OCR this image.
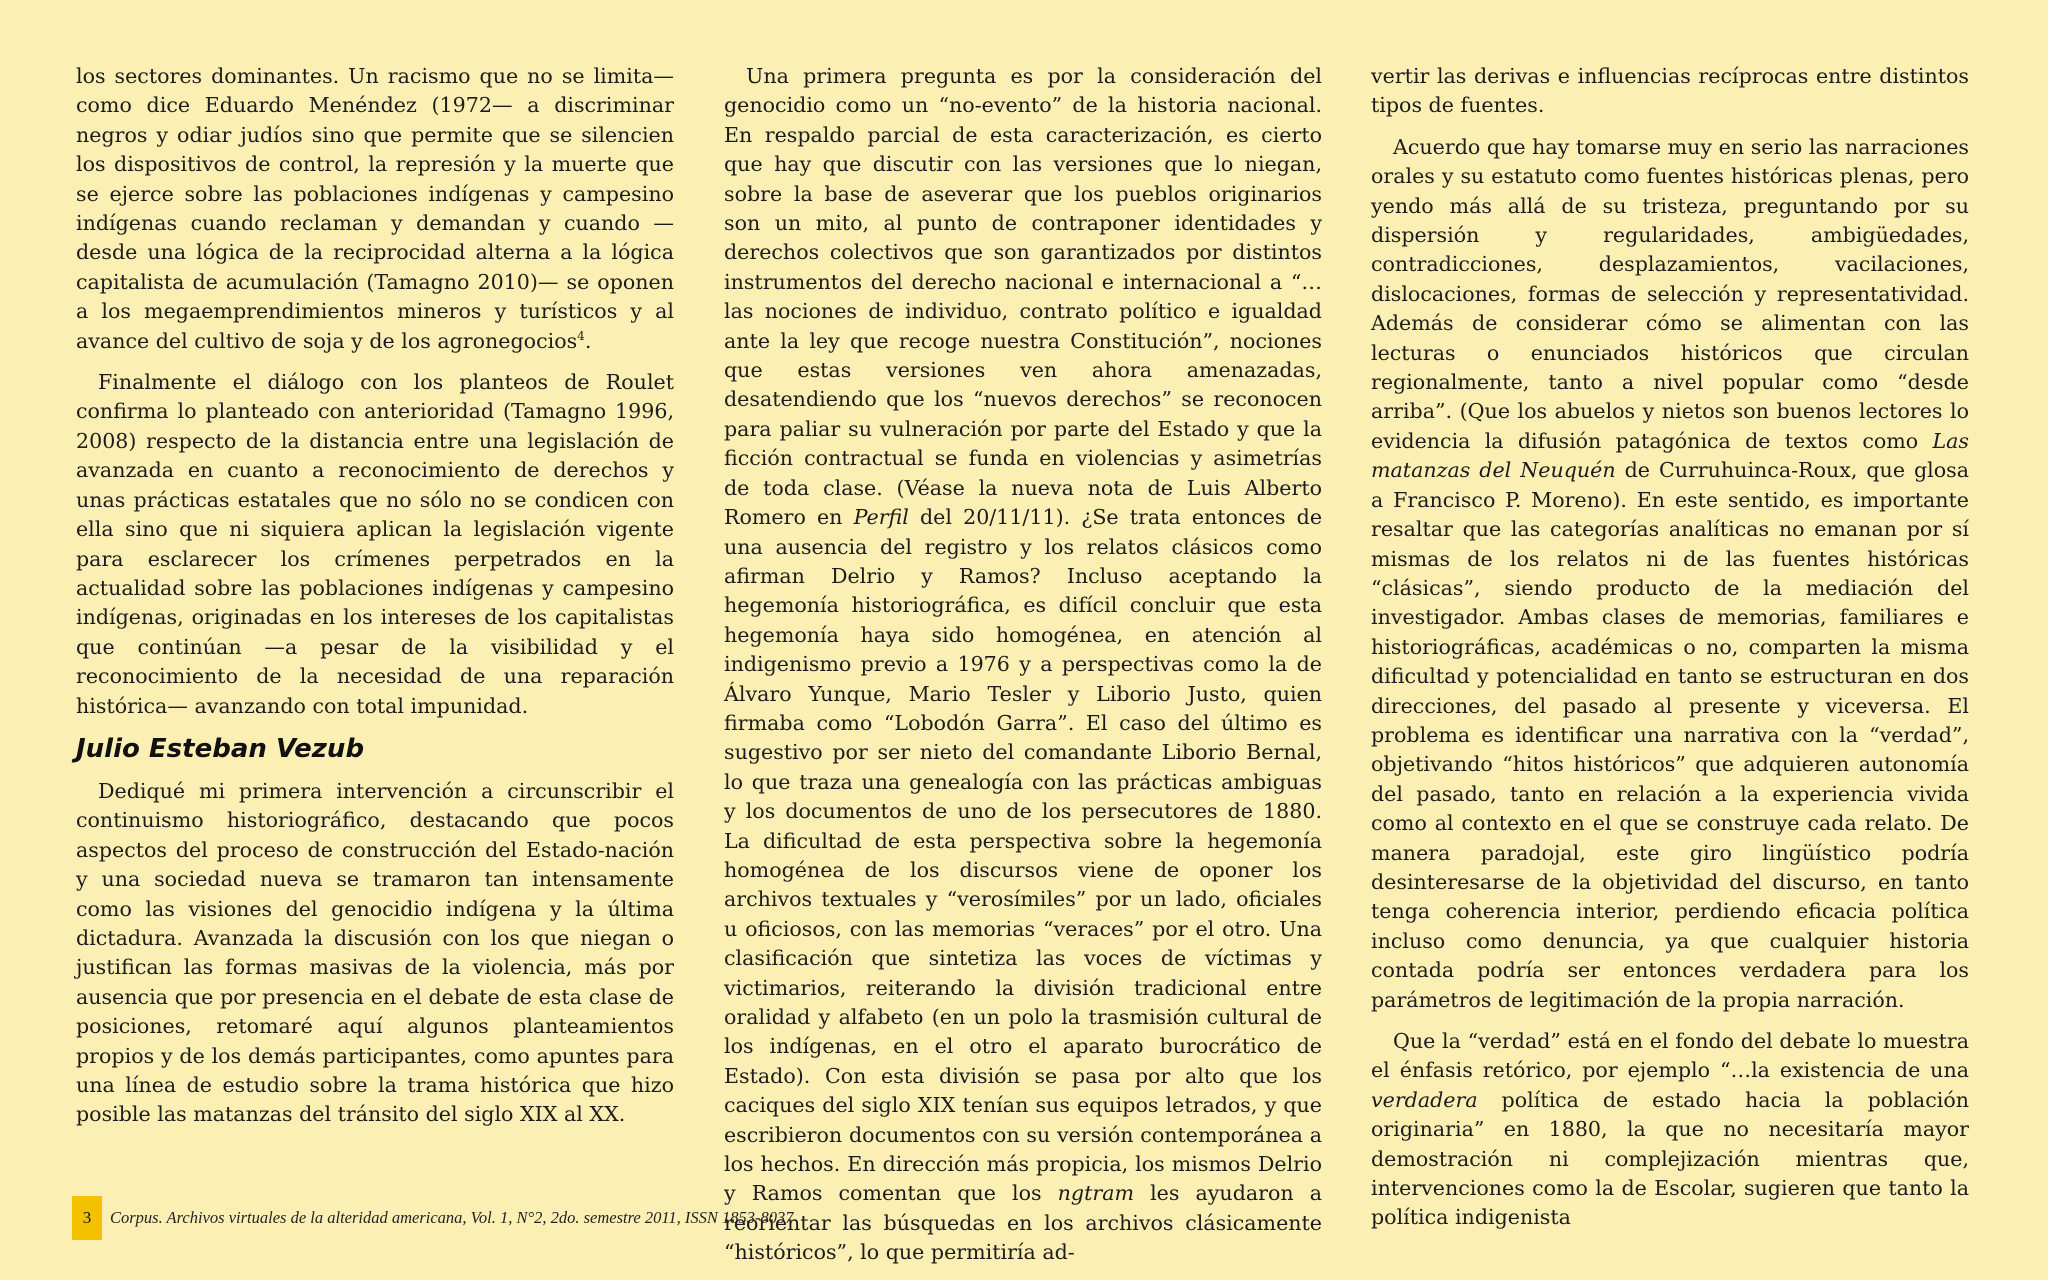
los sectores dominantes. Un racismo que no se limita—como dice Eduardo Menéndez (1972— a discriminar negros y odiar judíos sino que permite que se silencien los dispositivos de control, la represión y la muerte que se ejerce sobre las poblaciones indígenas y campesino indígenas cuando reclaman y demandan y cuando —desde una lógica de la reciprocidad alterna a la lógica capitalista de acumulación (Tamagno 2010)— se oponen a los megaemprendimientos mineros y turísticos y al avance del cultivo de soja y de los agronegocios$^4$.

Finalmente el diálogo con los planteos de Roulet confirma lo planteado con anterioridad (Tamagno 1996, 2008) respecto de la distancia entre una legislación de avanzada en cuanto a reconocimiento de derechos y unas prácticas estatales que no sólo no se condicen con ella sino que ni siquiera aplican la legislación vigente para esclarecer los crímenes perpetrados en la actualidad sobre las poblaciones indígenas y campesino indígenas, originadas en los intereses de los capitalistas que continúan —a pesar de la visibilidad y el reconocimiento de la necesidad de una reparación histórica— avanzando con total impunidad.

Julio Esteban Vezub

Dediqué mi primera intervención a circunscribir el continuismo historiográfico, destacando que pocos aspectos del proceso de construcción del Estado-nación y una sociedad nueva se tramaron tan intensamente como las visiones del genocidio indígena y la última dictadura. Avanzada la discusión con los que niegan o justifican las formas masivas de la violencia, más por ausencia que por presencia en el debate de esta clase de posiciones, retomaré aquí algunos planteamientos propios y de los demás participantes, como apuntes para una línea de estudio sobre la trama histórica que hizo posible las matanzas del tránsito del siglo XIX al XX.

Una primera pregunta es por la consideración del genocidio como un “no-evento” de la historia nacional. En respaldo parcial de esta caracterización, es cierto que hay que discutir con las versiones que lo niegan, sobre la base de aseverar que los pueblos originarios son un mito, al punto de contraponer identidades y derechos colectivos que son garantizados por distintos instrumentos del derecho nacional e internacional a “…las nociones de individuo, contrato político e igualdad ante la ley que recoge nuestra Constitución”, nociones que estas versiones ven ahora amenazadas, desatendiendo que los “nuevos derechos” se reconocen para paliar su vulneración por parte del Estado y que la ficción contractual se funda en violencias y asimetrías de toda clase. (Véase la nueva nota de Luis Alberto Romero en Perfil del 20/11/11). ¿Se trata entonces de una ausencia del registro y los relatos clásicos como afirman Delrio y Ramos? Incluso aceptando la hegemonía historiográfica, es difícil concluir que esta hegemonía haya sido homogénea, en atención al indigenismo previo a 1976 y a perspectivas como la de Álvaro Yunque, Mario Tesler y Liborio Justo, quien firmaba como “Lobodón Garra”. El caso del último es sugestivo por ser nieto del comandante Liborio Bernal, lo que traza una genealogía con las prácticas ambiguas y los documentos de uno de los persecutores de 1880. La dificultad de esta perspectiva sobre la hegemonía homogénea de los discursos viene de oponer los archivos textuales y “verosímiles” por un lado, oficiales u oficiosos, con las memorias “veraces” por el otro. Una clasificación que sintetiza las voces de víctimas y victimarios, reiterando la división tradicional entre oralidad y alfabeto (en un polo la trasmisión cultural de los indígenas, en el otro el aparato burocrático de Estado). Con esta división se pasa por alto que los caciques del siglo XIX tenían sus equipos letrados, y que escribieron documentos con su versión contemporánea a los hechos. En dirección más propicia, los mismos Delrio y Ramos comentan que los ngtram les ayudaron a reorientar las búsquedas en los archivos clásicamente “históricos”, lo que permitiría ad-

vertir las derivas e influencias recíprocas entre distintos tipos de fuentes.

Acuerdo que hay tomarse muy en serio las narraciones orales y su estatuto como fuentes históricas plenas, pero yendo más allá de su tristeza, preguntando por su dispersión y regularidades, ambigüedades, contradicciones, desplazamientos, vacilaciones, dislocaciones, formas de selección y representatividad. Además de considerar cómo se alimentan con las lecturas o enunciados históricos que circulan regionalmente, tanto a nivel popular como “desde arriba”. (Que los abuelos y nietos son buenos lectores lo evidencia la difusión patagónica de textos como Las matanzas del Neuquén de Curruhuinca-Roux, que glosa a Francisco P. Moreno). En este sentido, es importante resaltar que las categorías analíticas no emanan por sí mismas de los relatos ni de las fuentes históricas “clásicas”, siendo producto de la mediación del investigador. Ambas clases de memorias, familiares e historiográficas, académicas o no, comparten la misma dificultad y potencialidad en tanto se estructuran en dos direcciones, del pasado al presente y viceversa. El problema es identificar una narrativa con la “verdad”, objetivando “hitos históricos” que adquieren autonomía del pasado, tanto en relación a la experiencia vivida como al contexto en el que se construye cada relato. De manera paradojal, este giro lingüístico podría desinteresarse de la objetividad del discurso, en tanto tenga coherencia interior, perdiendo eficacia política incluso como denuncia, ya que cualquier historia contada podría ser entonces verdadera para los parámetros de legitimación de la propia narración.

Que la “verdad” está en el fondo del debate lo muestra el énfasis retórico, por ejemplo “…la existencia de una verdadera política de estado hacia la población originaria” en 1880, la que no necesitaría mayor demostración ni complejización mientras que, intervenciones como la de Escolar, sugieren que tanto la política indigenista

3	Corpus. Archivos virtuales de la alteridad americana, Vol. 1, N°2, 2do. semestre 2011, ISSN 1853-8037
